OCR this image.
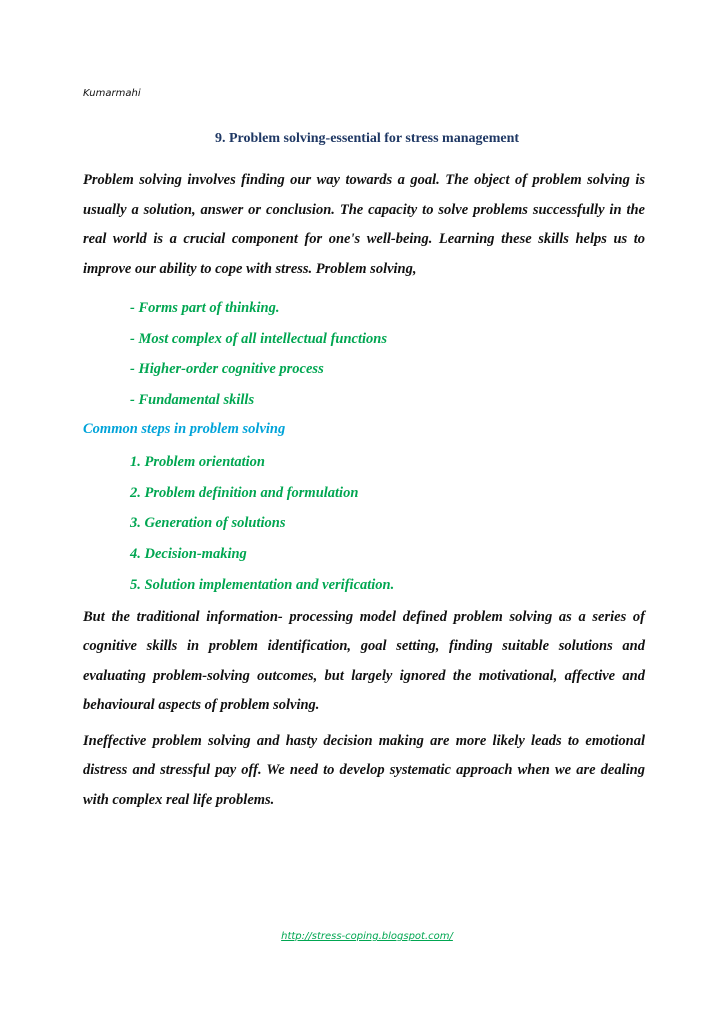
Kumarmahi
9. Problem solving-essential for stress management

Problem solving involves finding our way towards a goal. The object of problem solving is usually a solution, answer or conclusion. The capacity to solve problems successfully in the real world is a crucial component for one's well-being. Learning these skills helps us to improve our ability to cope with stress. Problem solving,

- Forms part of thinking.
- Most complex of all intellectual functions
- Higher-order cognitive process
- Fundamental skills

Common steps in problem solving

1. Problem orientation
2. Problem definition and formulation
3. Generation of solutions
4. Decision-making
5. Solution implementation and verification.

But the traditional information- processing model defined problem solving as a series of cognitive skills in problem identification, goal setting, finding suitable solutions and evaluating problem-solving outcomes, but largely ignored the motivational, affective and behavioural aspects of problem solving.

Ineffective problem solving and hasty decision making are more likely leads to emotional distress and stressful pay off. We need to develop systematic approach when we are dealing with complex real life problems.

http://stress-coping.blogspot.com/
